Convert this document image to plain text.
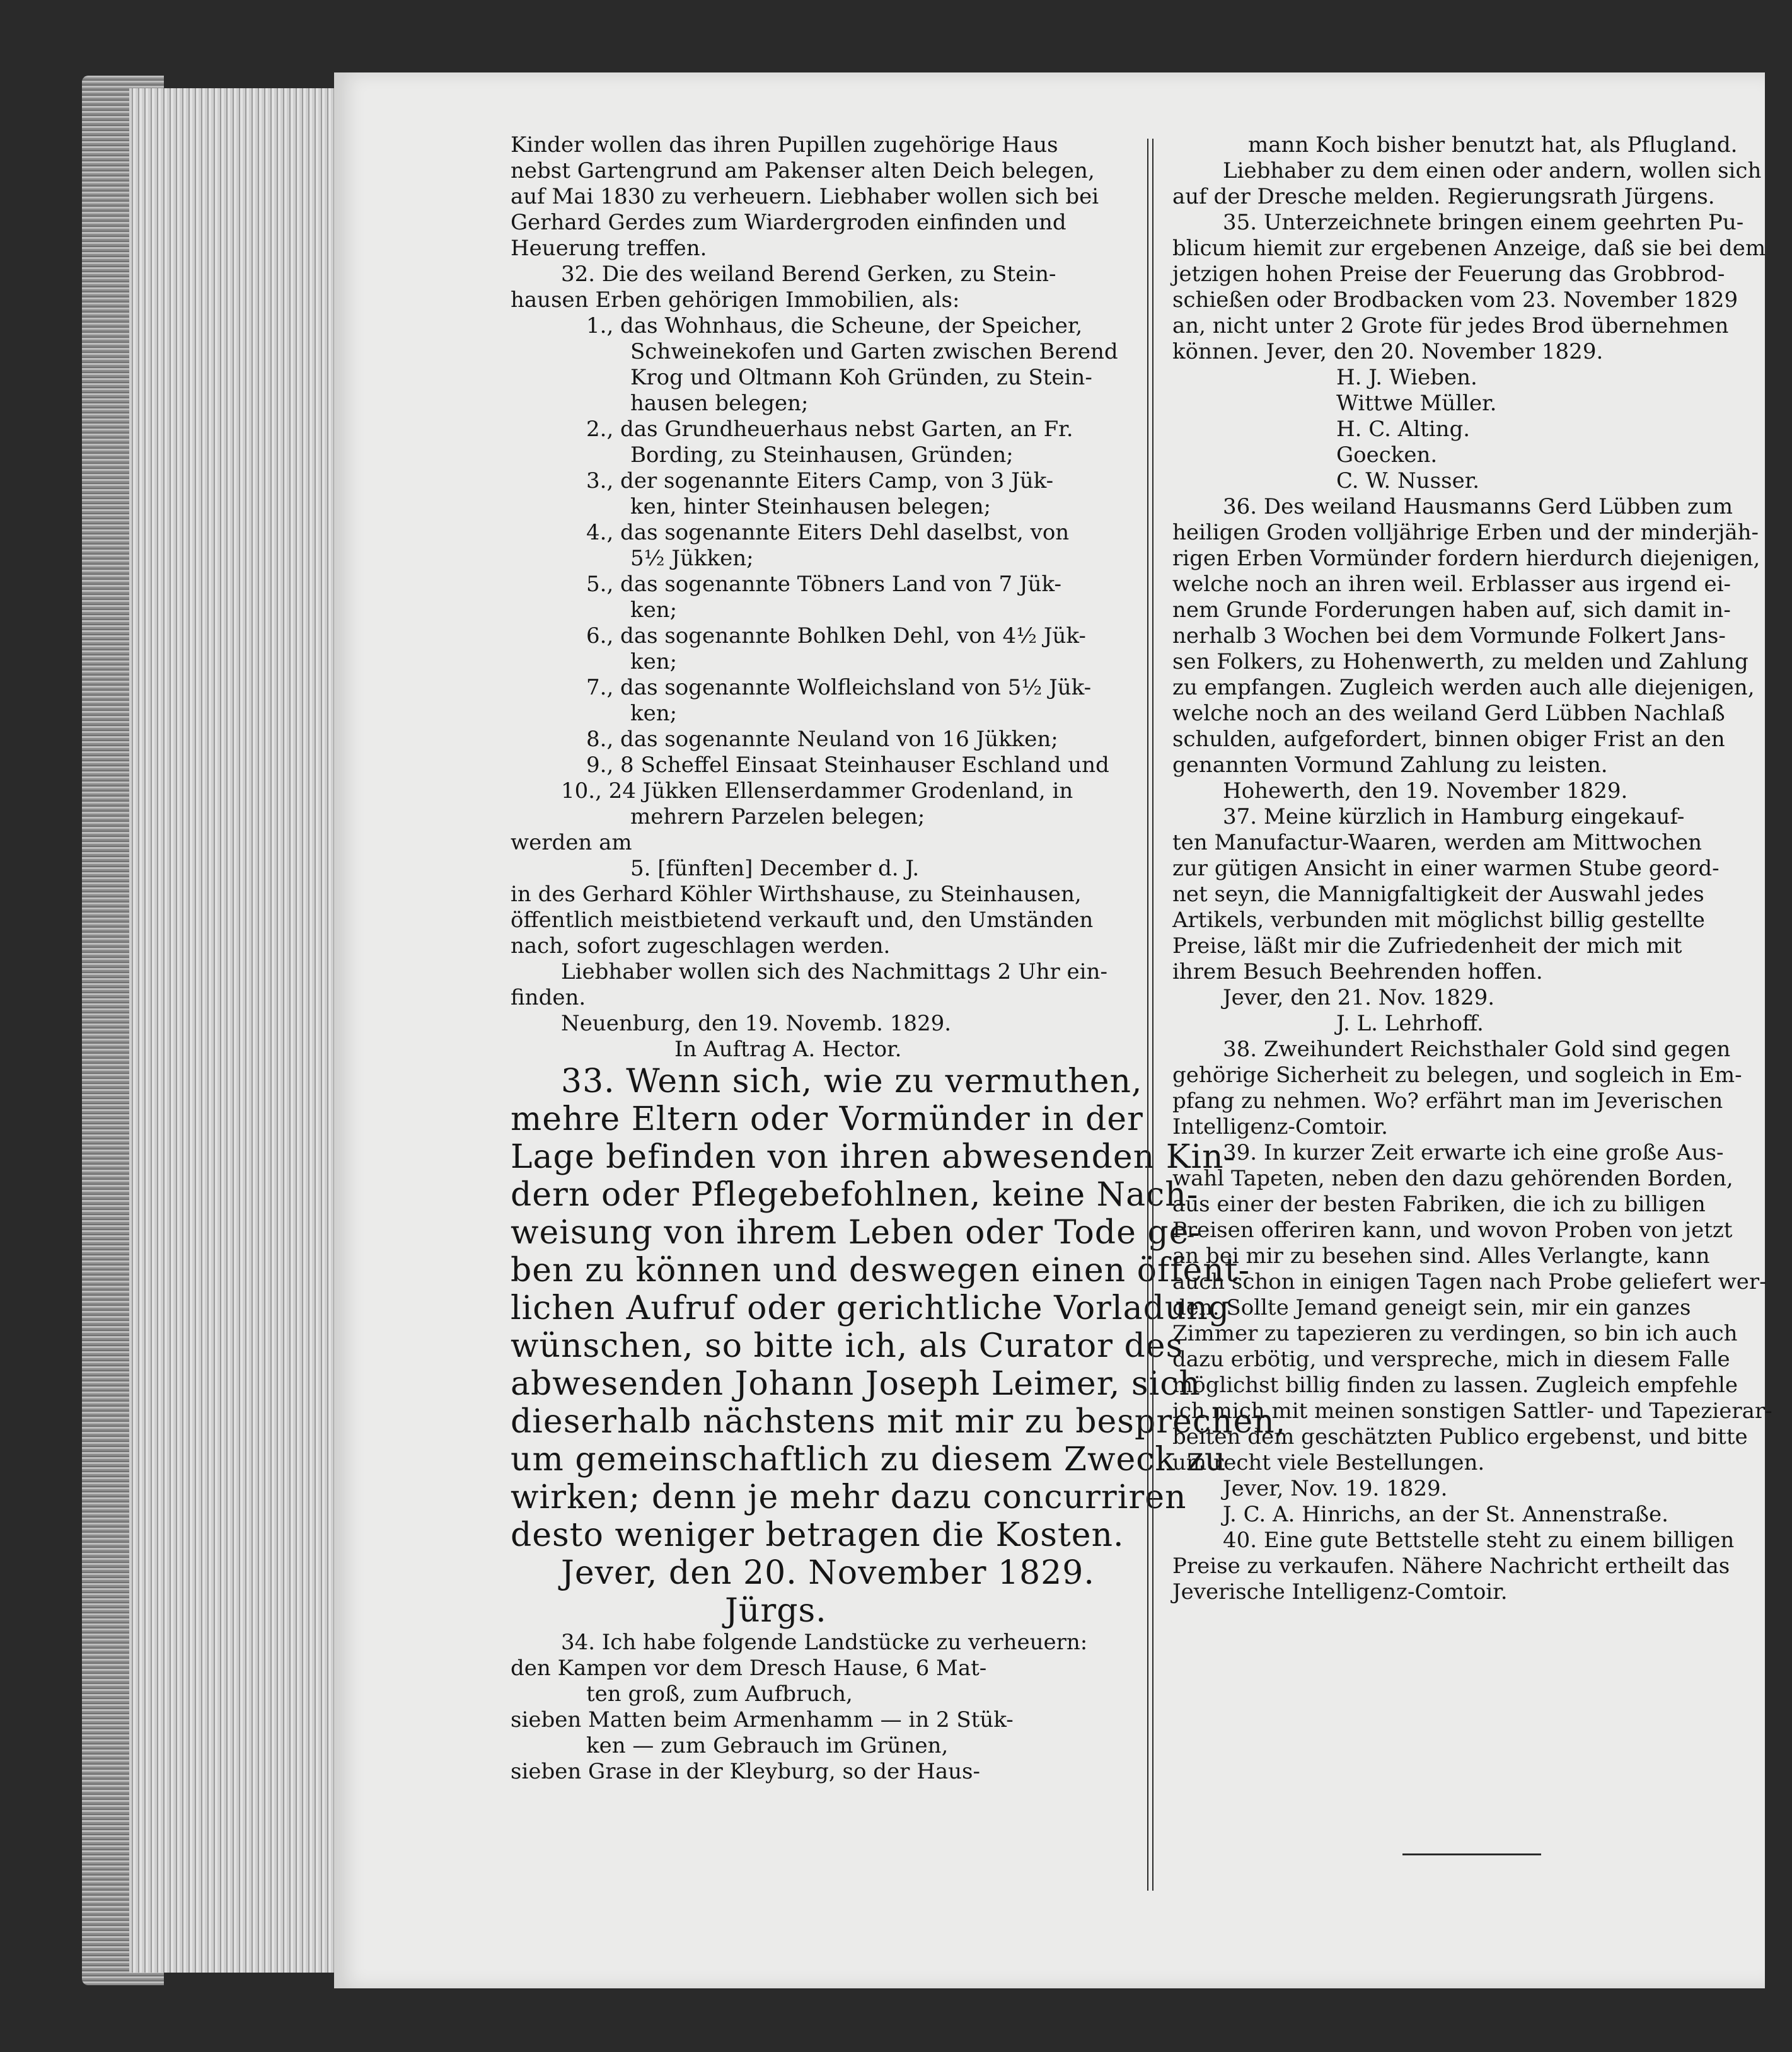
Kinder wollen das ihren Pupillen zugehörige Haus
nebst Gartengrund am Pakenser alten Deich belegen,
auf Mai 1830 zu verheuern. Liebhaber wollen sich bei
Gerhard Gerdes zum Wiardergroden einfinden und
Heuerung treffen.
32. Die des weiland Berend Gerken, zu Stein-
hausen Erben gehörigen Immobilien, als:
1., das Wohnhaus, die Scheune, der Speicher,
Schweinekofen und Garten zwischen Berend
Krog und Oltmann Koh Gründen, zu Stein-
hausen belegen;
2., das Grundheuerhaus nebst Garten, an Fr.
Bording, zu Steinhausen, Gründen;
3., der sogenannte Eiters Camp, von 3 Jük-
ken, hinter Steinhausen belegen;
4., das sogenannte Eiters Dehl daselbst, von
5½ Jükken;
5., das sogenannte Töbners Land von 7 Jük-
ken;
6., das sogenannte Bohlken Dehl, von 4½ Jük-
ken;
7., das sogenannte Wolfleichsland von 5½ Jük-
ken;
8., das sogenannte Neuland von 16 Jükken;
9., 8 Scheffel Einsaat Steinhauser Eschland und
10., 24 Jükken Ellenserdammer Grodenland, in
mehrern Parzelen belegen;
werden am
5. [fünften] December d. J.
in des Gerhard Köhler Wirthshause, zu Steinhausen,
öffentlich meistbietend verkauft und, den Umständen
nach, sofort zugeschlagen werden.
Liebhaber wollen sich des Nachmittags 2 Uhr ein-
finden.
Neuenburg, den 19. Novemb. 1829.
In Auftrag A. Hector.
33. Wenn sich, wie zu vermuthen,
mehre Eltern oder Vormünder in der
Lage befinden von ihren abwesenden Kin-
dern oder Pflegebefohlnen, keine Nach-
weisung von ihrem Leben oder Tode ge-
ben zu können und deswegen einen öffent-
lichen Aufruf oder gerichtliche Vorladung
wünschen, so bitte ich, als Curator des
abwesenden Johann Joseph Leimer, sich
dieserhalb nächstens mit mir zu besprechen,
um gemeinschaftlich zu diesem Zweck zu
wirken; denn je mehr dazu concurriren
desto weniger betragen die Kosten.
Jever, den 20. November 1829.
Jürgs.
34. Ich habe folgende Landstücke zu verheuern:
den Kampen vor dem Dresch Hause, 6 Mat-
ten groß, zum Aufbruch,
sieben Matten beim Armenhamm — in 2 Stük-
ken — zum Gebrauch im Grünen,
sieben Grase in der Kleyburg, so der Haus-
mann Koch bisher benutzt hat, als Pflugland.
Liebhaber zu dem einen oder andern, wollen sich
auf der Dresche melden. Regierungsrath Jürgens.
35. Unterzeichnete bringen einem geehrten Pu-
blicum hiemit zur ergebenen Anzeige, daß sie bei dem
jetzigen hohen Preise der Feuerung das Grobbrod-
schießen oder Brodbacken vom 23. November 1829
an, nicht unter 2 Grote für jedes Brod übernehmen
können. Jever, den 20. November 1829.
H. J. Wieben.
Wittwe Müller.
H. C. Alting.
Goecken.
C. W. Nusser.
36. Des weiland Hausmanns Gerd Lübben zum
heiligen Groden volljährige Erben und der minderjäh-
rigen Erben Vormünder fordern hierdurch diejenigen,
welche noch an ihren weil. Erblasser aus irgend ei-
nem Grunde Forderungen haben auf, sich damit in-
nerhalb 3 Wochen bei dem Vormunde Folkert Jans-
sen Folkers, zu Hohenwerth, zu melden und Zahlung
zu empfangen. Zugleich werden auch alle diejenigen,
welche noch an des weiland Gerd Lübben Nachlaß
schulden, aufgefordert, binnen obiger Frist an den
genannten Vormund Zahlung zu leisten.
Hohewerth, den 19. November 1829.
37. Meine kürzlich in Hamburg eingekauf-
ten Manufactur-Waaren, werden am Mittwochen
zur gütigen Ansicht in einer warmen Stube geord-
net seyn, die Mannigfaltigkeit der Auswahl jedes
Artikels, verbunden mit möglichst billig gestellte
Preise, läßt mir die Zufriedenheit der mich mit
ihrem Besuch Beehrenden hoffen.
Jever, den 21. Nov. 1829.
J. L. Lehrhoff.
38. Zweihundert Reichsthaler Gold sind gegen
gehörige Sicherheit zu belegen, und sogleich in Em-
pfang zu nehmen. Wo? erfährt man im Jeverischen
Intelligenz-Comtoir.
39. In kurzer Zeit erwarte ich eine große Aus-
wahl Tapeten, neben den dazu gehörenden Borden,
aus einer der besten Fabriken, die ich zu billigen
Preisen offeriren kann, und wovon Proben von jetzt
an bei mir zu besehen sind. Alles Verlangte, kann
auch schon in einigen Tagen nach Probe geliefert wer-
den. Sollte Jemand geneigt sein, mir ein ganzes
Zimmer zu tapezieren zu verdingen, so bin ich auch
dazu erbötig, und verspreche, mich in diesem Falle
möglichst billig finden zu lassen. Zugleich empfehle
ich mich mit meinen sonstigen Sattler- und Tapezierar-
beiten dem geschätzten Publico ergebenst, und bitte
um recht viele Bestellungen.
Jever, Nov. 19. 1829.
J. C. A. Hinrichs, an der St. Annenstraße.
40. Eine gute Bettstelle steht zu einem billigen
Preise zu verkaufen. Nähere Nachricht ertheilt das
Jeverische Intelligenz-Comtoir.
